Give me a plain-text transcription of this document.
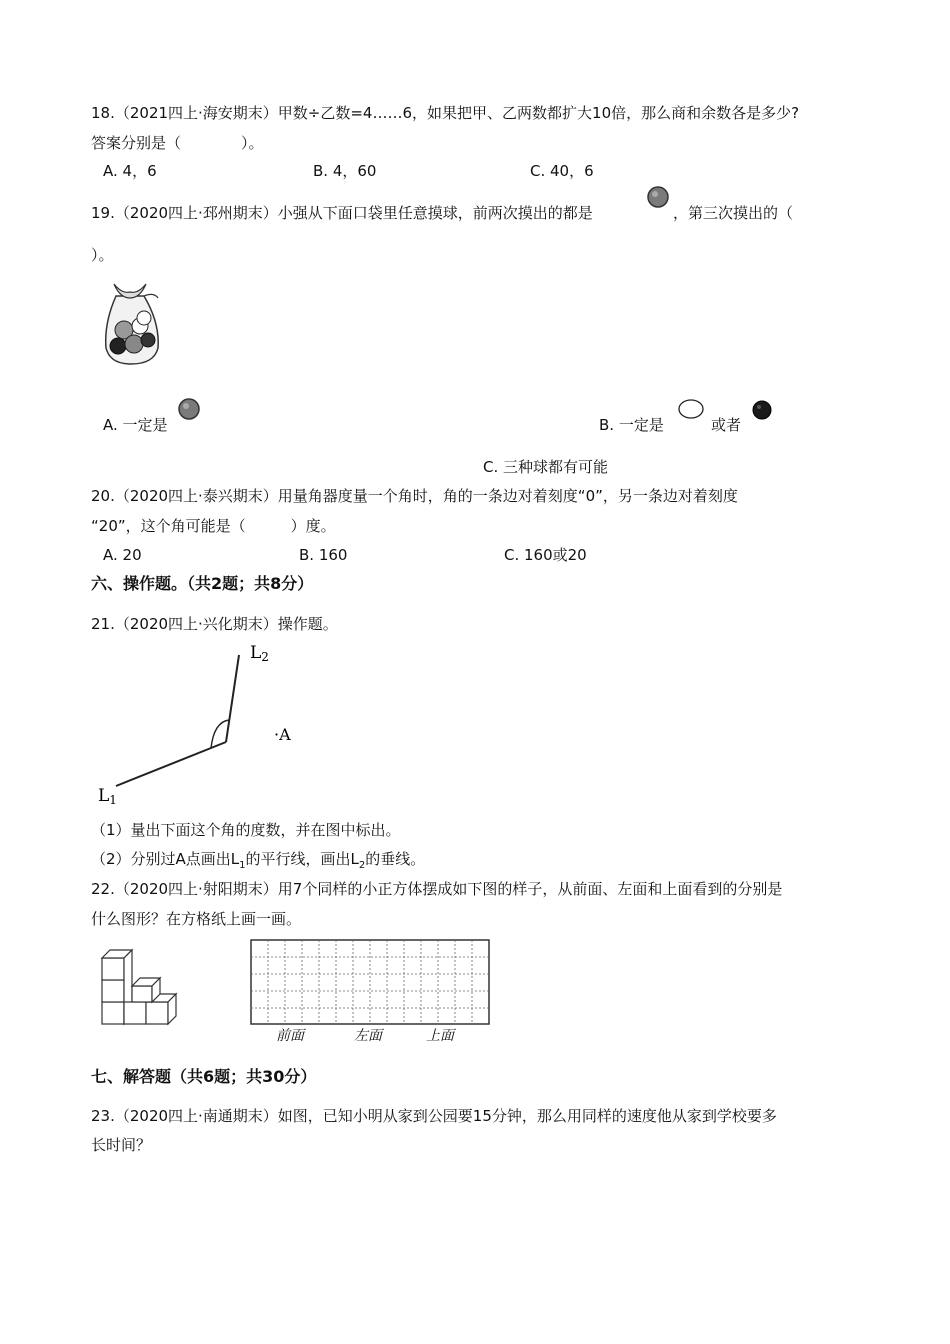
18.（2021四上·海安期末）甲数÷乙数=4……6，如果把甲、乙两数都扩大10倍，那么商和余数各是多少?
答案分别是（　　　　）。
A. 4，6	B. 4，60	C. 40，6
19.（2020四上·邳州期末）小强从下面口袋里任意摸球，前两次摸出的都是	，第三次摸出的（
）。
A. 一定是	B. 一定是	或者
C. 三种球都有可能
20.（2020四上·泰兴期末）用量角器度量一个角时，角的一条边对着刻度“0”，另一条边对着刻度
“20”，这个角可能是（　　　）度。
A. 20	B. 160	C. 160或20
六、操作题。（共2题；共8分）
21.（2020四上·兴化期末）操作题。
L2
·A
L1
（1）量出下面这个角的度数，并在图中标出。
（2）分别过A点画出$L_1$的平行线，画出$L_2$的垂线。
22.（2020四上·射阳期末）用7个同样的小正方体摆成如下图的样子，从前面、左面和上面看到的分别是
什么图形？在方格纸上画一画。
前面	左面	上面
七、解答题（共6题；共30分）
23.（2020四上·南通期末）如图，已知小明从家到公园要15分钟，那么用同样的速度他从家到学校要多
长时间？
